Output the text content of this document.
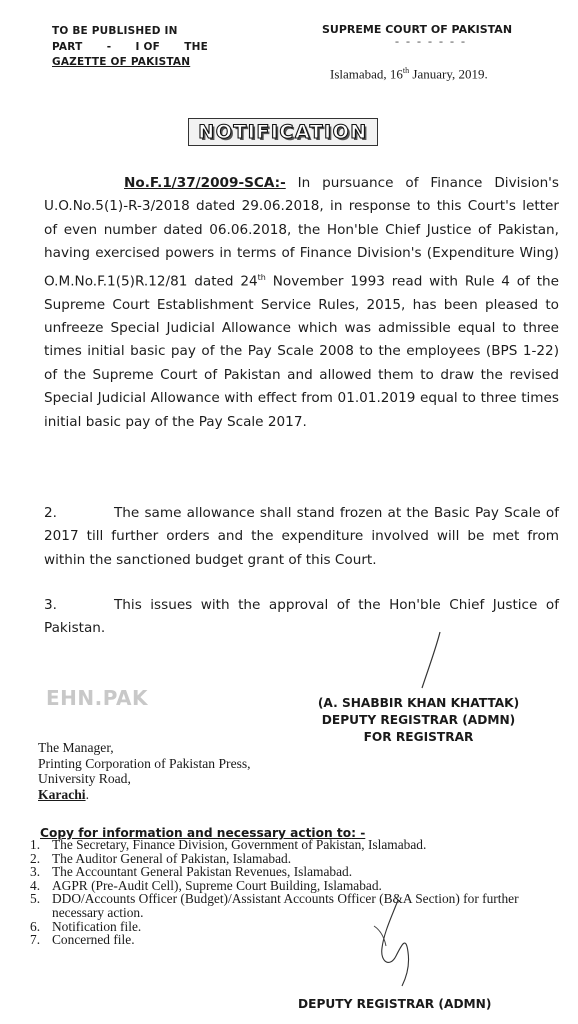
TO BE PUBLISHED IN
PART - I OF THE
GAZETTE OF PAKISTAN
SUPREME COURT OF PAKISTAN
- - - - - - -
Islamabad, 16th January, 2019.
NOTIFICATION
No.F.1/37/2009-SCA:- In pursuance of Finance Division's U.O.No.5(1)-R-3/2018 dated 29.06.2018, in response to this Court's letter of even number dated 06.06.2018, the Hon'ble Chief Justice of Pakistan, having exercised powers in terms of Finance Division's (Expenditure Wing) O.M.No.F.1(5)R.12/81 dated 24th November 1993 read with Rule 4 of the Supreme Court Establishment Service Rules, 2015, has been pleased to unfreeze Special Judicial Allowance which was admissible equal to three times initial basic pay of the Pay Scale 2008 to the employees (BPS 1-22) of the Supreme Court of Pakistan and allowed them to draw the revised Special Judicial Allowance with effect from 01.01.2019 equal to three times initial basic pay of the Pay Scale 2017.
2.	The same allowance shall stand frozen at the Basic Pay Scale of 2017 till further orders and the expenditure involved will be met from within the sanctioned budget grant of this Court.
3.	This issues with the approval of the Hon'ble Chief Justice of Pakistan.
EHN.PAK	(A. SHABBIR KHAN KHATTAK)
DEPUTY REGISTRAR (ADMN)
FOR REGISTRAR
The Manager,
Printing Corporation of Pakistan Press,
University Road,
Karachi.
Copy for information and necessary action to: -
1. The Secretary, Finance Division, Government of Pakistan, Islamabad.
2. The Auditor General of Pakistan, Islamabad.
3. The Accountant General Pakistan Revenues, Islamabad.
4. AGPR (Pre-Audit Cell), Supreme Court Building, Islamabad.
5. DDO/Accounts Officer (Budget)/Assistant Accounts Officer (B&A Section) for further necessary action.
6. Notification file.
7. Concerned file.
DEPUTY REGISTRAR (ADMN)
